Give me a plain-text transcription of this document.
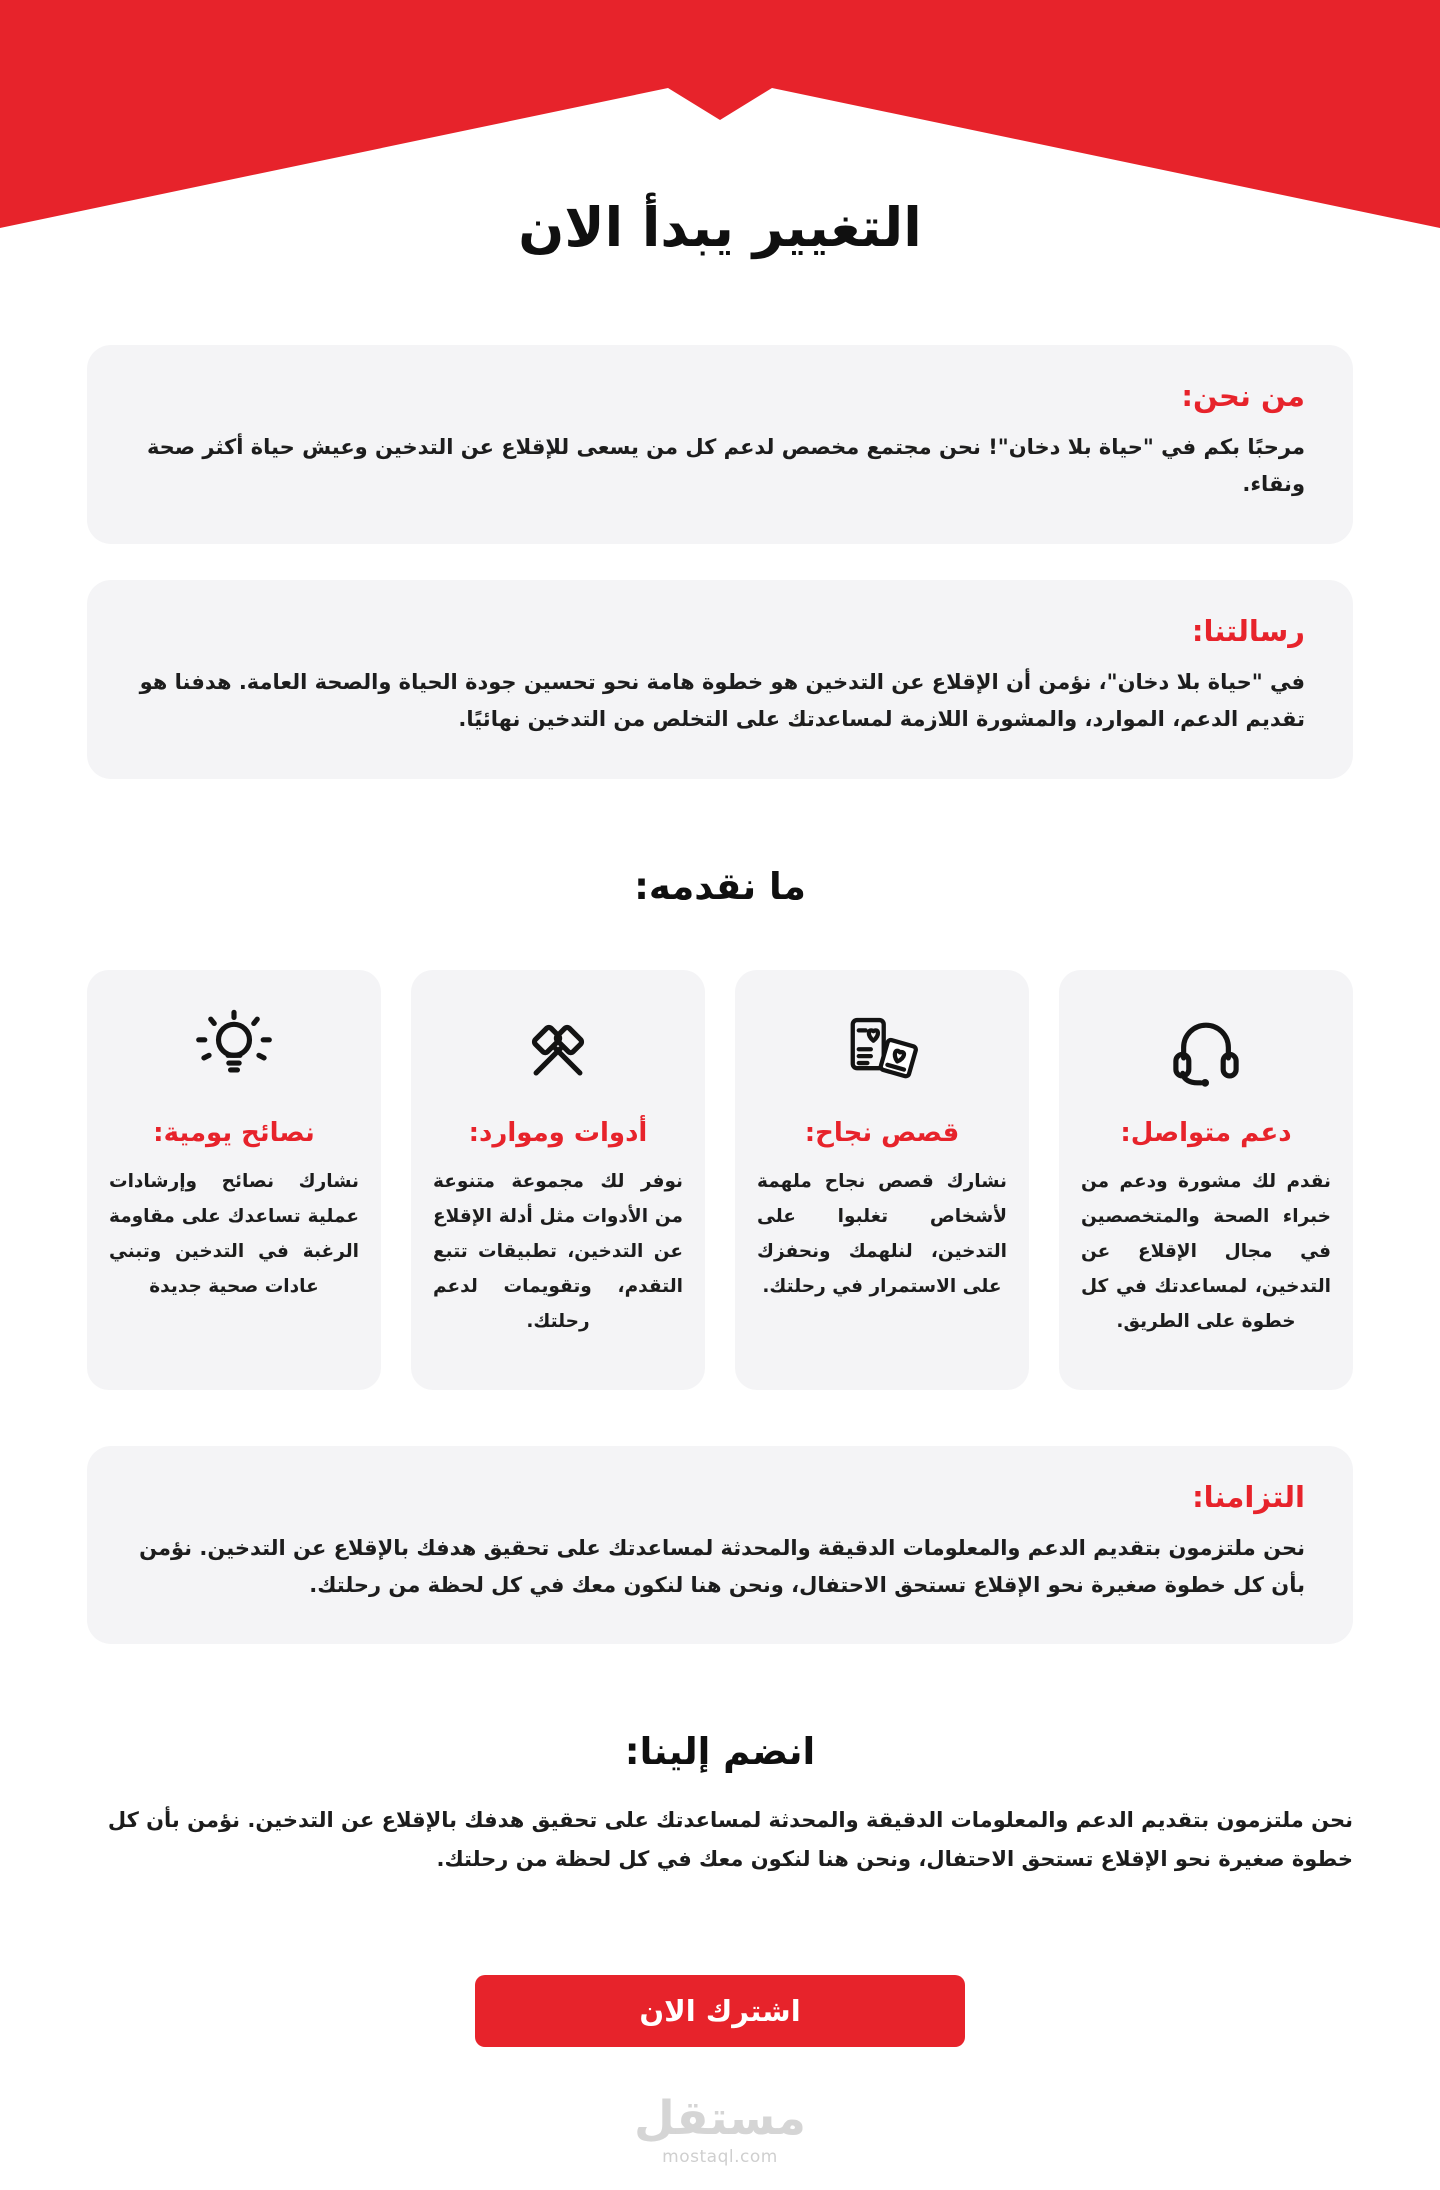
التغيير يبدأ الان
من نحن:

مرحبًا بكم في "حياة بلا دخان"! نحن مجتمع مخصص لدعم كل من يسعى للإقلاع عن التدخين وعيش حياة أكثر صحة ونقاء.

رسالتنا:

في "حياة بلا دخان"، نؤمن أن الإقلاع عن التدخين هو خطوة هامة نحو تحسين جودة الحياة والصحة العامة. هدفنا هو تقديم الدعم، الموارد، والمشورة اللازمة لمساعدتك على التخلص من التدخين نهائيًا.

ما نقدمه:
دعم متواصل:

نقدم لك مشورة ودعم من خبراء الصحة والمتخصصين في مجال الإقلاع عن التدخين، لمساعدتك في كل خطوة على الطريق.

قصص نجاح:

نشارك قصص نجاح ملهمة لأشخاص تغلبوا على التدخين، لنلهمك ونحفزك على الاستمرار في رحلتك.

أدوات وموارد:

نوفر لك مجموعة متنوعة من الأدوات مثل أدلة الإقلاع عن التدخين، تطبيقات تتبع التقدم، وتقويمات لدعم رحلتك.

نصائح يومية:

نشارك نصائح وإرشادات عملية تساعدك على مقاومة الرغبة في التدخين وتبني عادات صحية جديدة

التزامنا:

نحن ملتزمون بتقديم الدعم والمعلومات الدقيقة والمحدثة لمساعدتك على تحقيق هدفك بالإقلاع عن التدخين. نؤمن بأن كل خطوة صغيرة نحو الإقلاع تستحق الاحتفال، ونحن هنا لنكون معك في كل لحظة من رحلتك.

انضم إلينا:

نحن ملتزمون بتقديم الدعم والمعلومات الدقيقة والمحدثة لمساعدتك على تحقيق هدفك بالإقلاع عن التدخين. نؤمن بأن كل خطوة صغيرة نحو الإقلاع تستحق الاحتفال، ونحن هنا لنكون معك في كل لحظة من رحلتك.

اشترك الان
مستقل
mostaql.com
